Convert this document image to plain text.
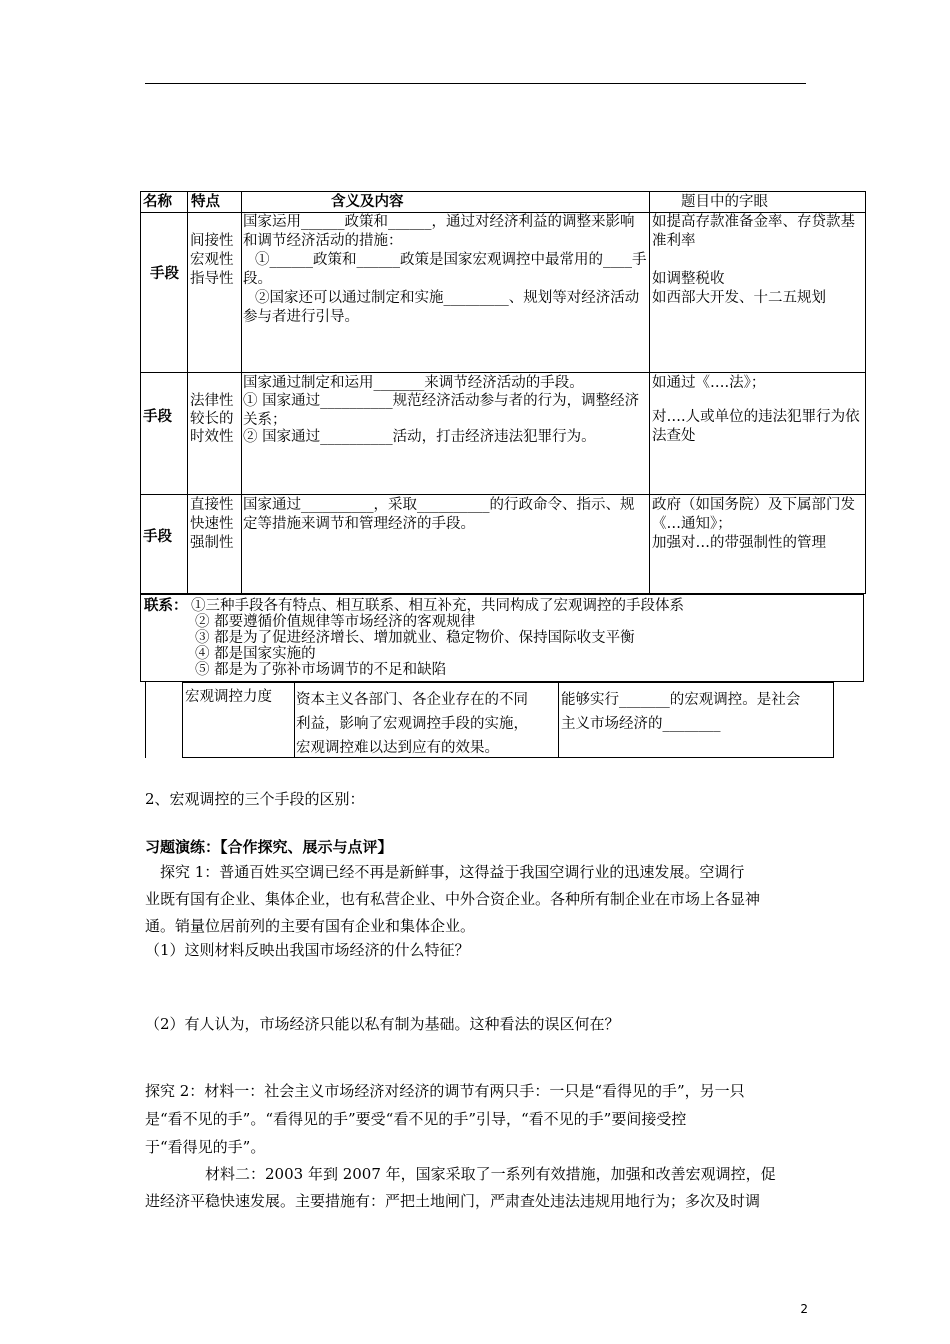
名称 特点	含义及内容	题目中的字眼
手段
间接性
宏观性
指导性
国家运用______政策和______，通过对经济利益的调整来影响和调节经济活动的措施：
①______政策和______政策是国家宏观调控中最常用的____手段。
②国家还可以通过制定和实施_________、规划等对经济活动参与者进行引导。
如提高存款准备金率、存贷款基准利率
如调整税收
如西部大开发、十二五规划
手段
法律性
较长的
时效性
国家通过制定和运用_______来调节经济活动的手段。
① 国家通过__________规范经济活动参与者的行为，调整经济关系；
② 国家通过__________活动，打击经济违法犯罪行为。
如通过《….法》；
对….人或单位的违法犯罪行为依法查处
手段
直接性
快速性
强制性
国家通过__________，采取__________的行政命令、指示、规定等措施来调节和管理经济的手段。
政府（如国务院）及下属部门发《…通知》；
加强对…的带强制性的管理
联系： ①三种手段各有特点、相互联系、相互补充，共同构成了宏观调控的手段体系
② 都要遵循价值规律等市场经济的客观规律
③ 都是为了促进经济增长、增加就业、稳定物价、保持国际收支平衡
④ 都是国家实施的
⑤ 都是为了弥补市场调节的不足和缺陷
宏观调控力度 资本主义各部门、各企业存在的不同
利益，影响了宏观调控手段的实施，
宏观调控难以达到应有的效果。
能够实行_______的宏观调控。是社会
主义市场经济的________
2、宏观调控的三个手段的区别：
习题演练：【合作探究、展示与点评】
探究 1：普通百姓买空调已经不再是新鲜事，这得益于我国空调行业的迅速发展。空调行
业既有国有企业、集体企业，也有私营企业、中外合资企业。各种所有制企业在市场上各显神
通。销量位居前列的主要有国有企业和集体企业。
（1）这则材料反映出我国市场经济的什么特征？
（2）有人认为，市场经济只能以私有制为基础。这种看法的误区何在？
探究 2：材料一：社会主义市场经济对经济的调节有两只手：一只是“看得见的手”，另一只
是“看不见的手”。“看得见的手”要受“看不见的手”引导，“看不见的手”要间接受控
于“看得见的手”。
材料二：2003 年到 2007 年，国家采取了一系列有效措施，加强和改善宏观调控，促
进经济平稳快速发展。主要措施有：严把土地闸门，严肃查处违法违规用地行为；多次及时调
2
